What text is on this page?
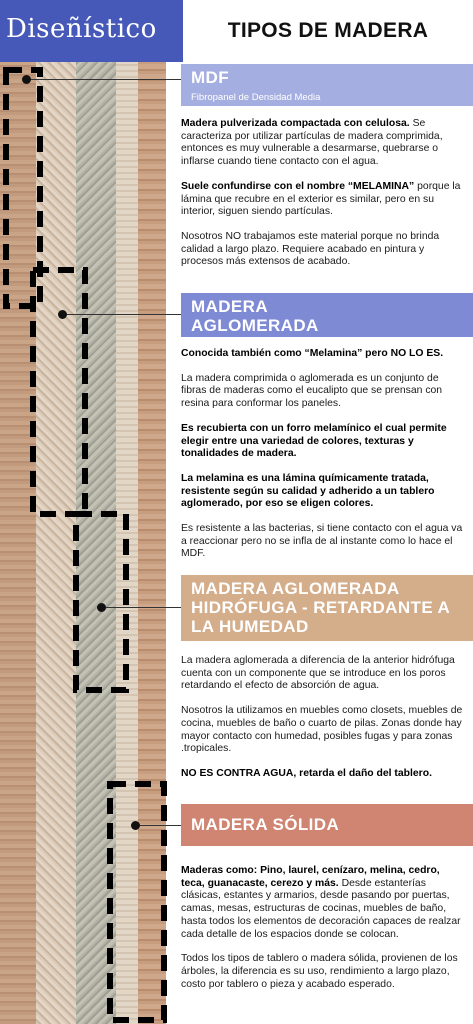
Diseñístico	TIPOS DE MADERA
MDF
Fibropanel de Densidad Media

Madera pulverizada compactada con celulosa. Se caracteriza por utilizar partículas de madera comprimida, entonces es muy vulnerable a desarmarse, quebrarse o inflarse cuando tiene contacto con el agua.

Suele confundirse con el nombre “MELAMINA” porque la lámina que recubre en el exterior es similar, pero en su interior, siguen siendo partículas.

Nosotros NO trabajamos este material porque no brinda calidad a largo plazo. Requiere acabado en pintura y procesos más extensos de acabado.

MADERA
AGLOMERADA

Conocida también como “Melamina” pero NO LO ES.

La madera comprimida o aglomerada es un conjunto de fibras de maderas como el eucalipto que se prensan con resina para conformar los paneles.

Es recubierta con un forro melamínico el cual permite elegir entre una variedad de colores, texturas y tonalidades de madera.

La melamina es una lámina químicamente tratada, resistente según su calidad y adherido a un tablero aglomerado, por eso se eligen colores.

Es resistente a las bacterias, si tiene contacto con el agua va a reaccionar pero no se infla de al instante como lo hace el MDF.

MADERA AGLOMERADA
HIDRÓFUGA - RETARDANTE A
LA HUMEDAD

La madera aglomerada a diferencia de la anterior hidrófuga cuenta con un componente que se introduce en los poros retardando el efecto de absorción de agua.

Nosotros la utilizamos en muebles como closets, muebles de cocina, muebles de baño o cuarto de pilas. Zonas donde hay mayor contacto con humedad, posibles fugas y para zonas .tropicales.

NO ES CONTRA AGUA, retarda el daño del tablero.

MADERA SÓLIDA

Maderas como: Pino, laurel, cenízaro, melina, cedro, teca, guanacaste, cerezo y más. Desde estanterías clásicas, estantes y armarios, desde pasando por puertas, camas, mesas, estructuras de cocinas, muebles de baño, hasta todos los elementos de decoración capaces de realzar cada detalle de los espacios donde se colocan.

Todos los tipos de tablero o madera sólida, provienen de los árboles, la diferencia es su uso, rendimiento a largo plazo, costo por tablero o pieza y acabado esperado.
